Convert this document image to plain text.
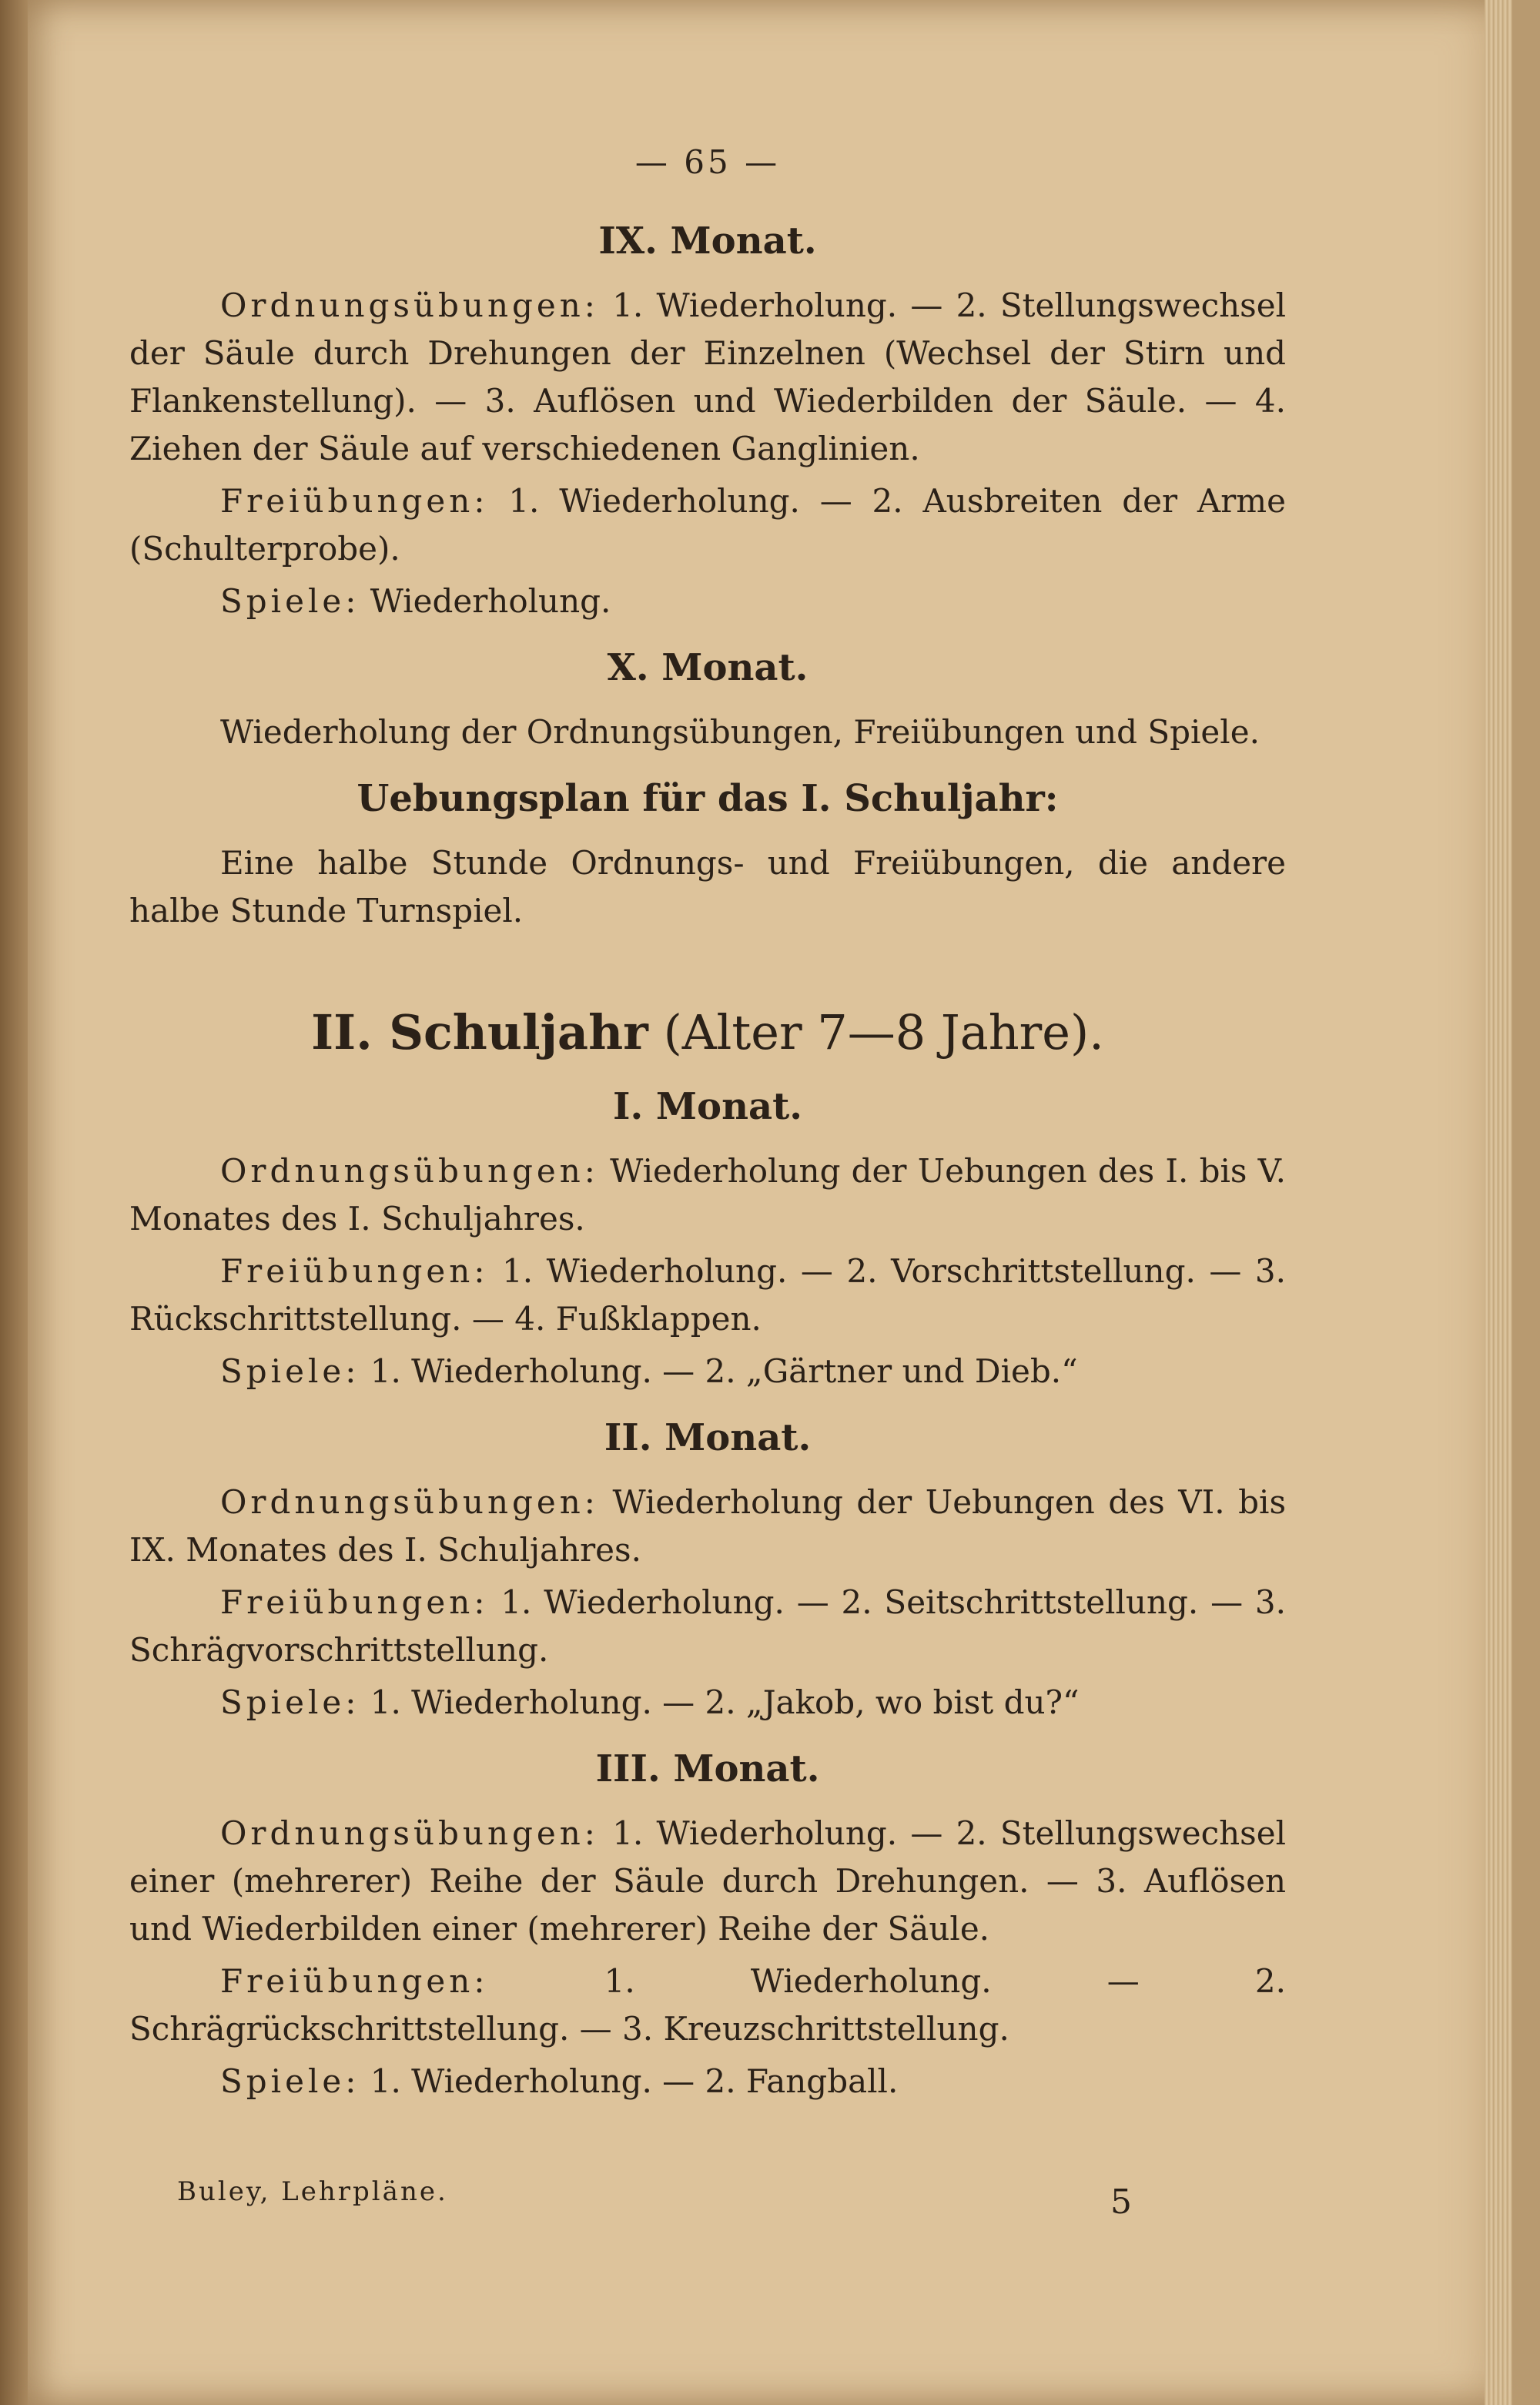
— 65 —
IX. Monat.

Ordnungsübungen: 1. Wiederholung. — 2. Stellungswechsel der Säule durch Drehungen der Einzelnen (Wechsel der Stirn und Flankenstellung). — 3. Auflösen und Wiederbilden der Säule. — 4. Ziehen der Säule auf verschiedenen Ganglinien.

Freiübungen: 1. Wiederholung. — 2. Ausbreiten der Arme (Schulterprobe).

Spiele: Wiederholung.

X. Monat.

Wiederholung der Ordnungsübungen, Freiübungen und Spiele.

Uebungsplan für das I. Schuljahr:

Eine halbe Stunde Ordnungs- und Freiübungen, die andere halbe Stunde Turnspiel.

II. Schuljahr (Alter 7—8 Jahre).
I. Monat.

Ordnungsübungen: Wiederholung der Uebungen des I. bis V. Monates des I. Schuljahres.

Freiübungen: 1. Wiederholung. — 2. Vorschrittstellung. — 3. Rückschrittstellung. — 4. Fußklappen.

Spiele: 1. Wiederholung. — 2. „Gärtner und Dieb.“

II. Monat.

Ordnungsübungen: Wiederholung der Uebungen des VI. bis IX. Monates des I. Schuljahres.

Freiübungen: 1. Wiederholung. — 2. Seitschrittstellung. — 3. Schrägvorschrittstellung.

Spiele: 1. Wiederholung. — 2. „Jakob, wo bist du?“

III. Monat.

Ordnungsübungen: 1. Wiederholung. — 2. Stellungswechsel einer (mehrerer) Reihe der Säule durch Drehungen. — 3. Auflösen und Wiederbilden einer (mehrerer) Reihe der Säule.

Freiübungen: 1. Wiederholung. — 2. Schrägrückschrittstellung. — 3. Kreuzschrittstellung.

Spiele: 1. Wiederholung. — 2. Fangball.

Buley, Lehrpläne.	5
